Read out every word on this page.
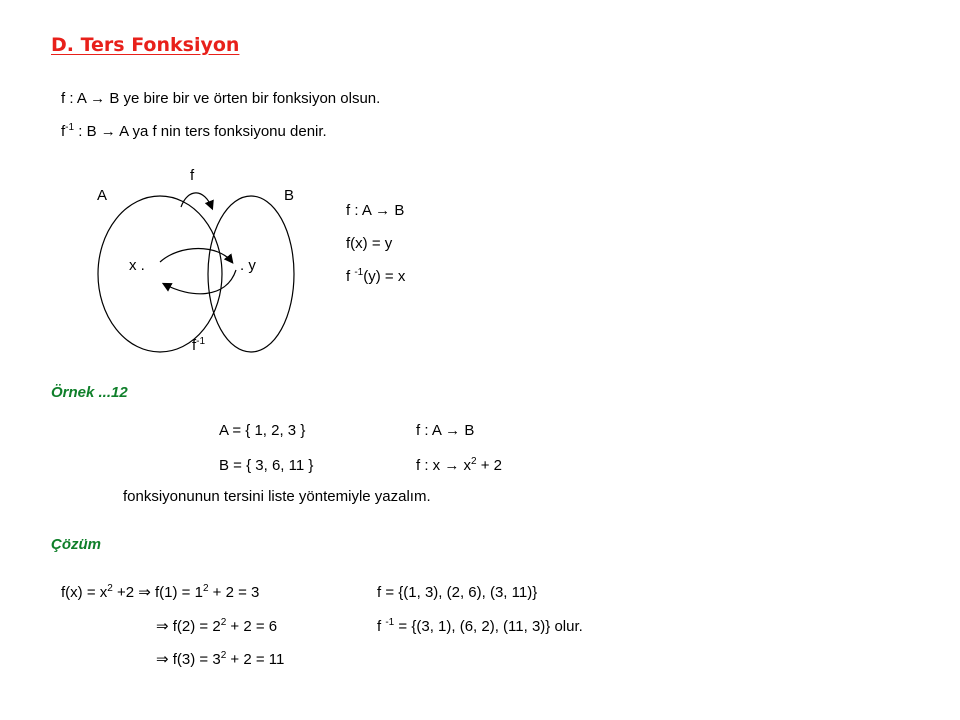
D. Ters Fonksiyon
f : A → B ye bire bir ve örten bir fonksiyon olsun.
$f^{-1}$ : B → A ya f nin ters fonksiyonu denir.
A	B
f
x .	. y
$f^{-1}$
f : A → B
f(x) = y
f $^{-1}$(y) = x
Örnek ...12
A = { 1, 2, 3 }
B = { 3, 6, 11 }
f : A → B
f : $x \to x^2 + 2$
fonksiyonunun tersini liste yöntemiyle yazalım.
Çözüm
$f(x) = x^2 +2$ ⇒ $f(1) = 1^2 + 2 = 3$
⇒ $f(2) = 2^2 + 2 = 6$
⇒ $f(3) = 3^2 + 2 = 11$
f = {(1, 3), (2, 6), (3, 11)}
f $^{-1}$ = {(3, 1), (6, 2), (11, 3)} olur.
